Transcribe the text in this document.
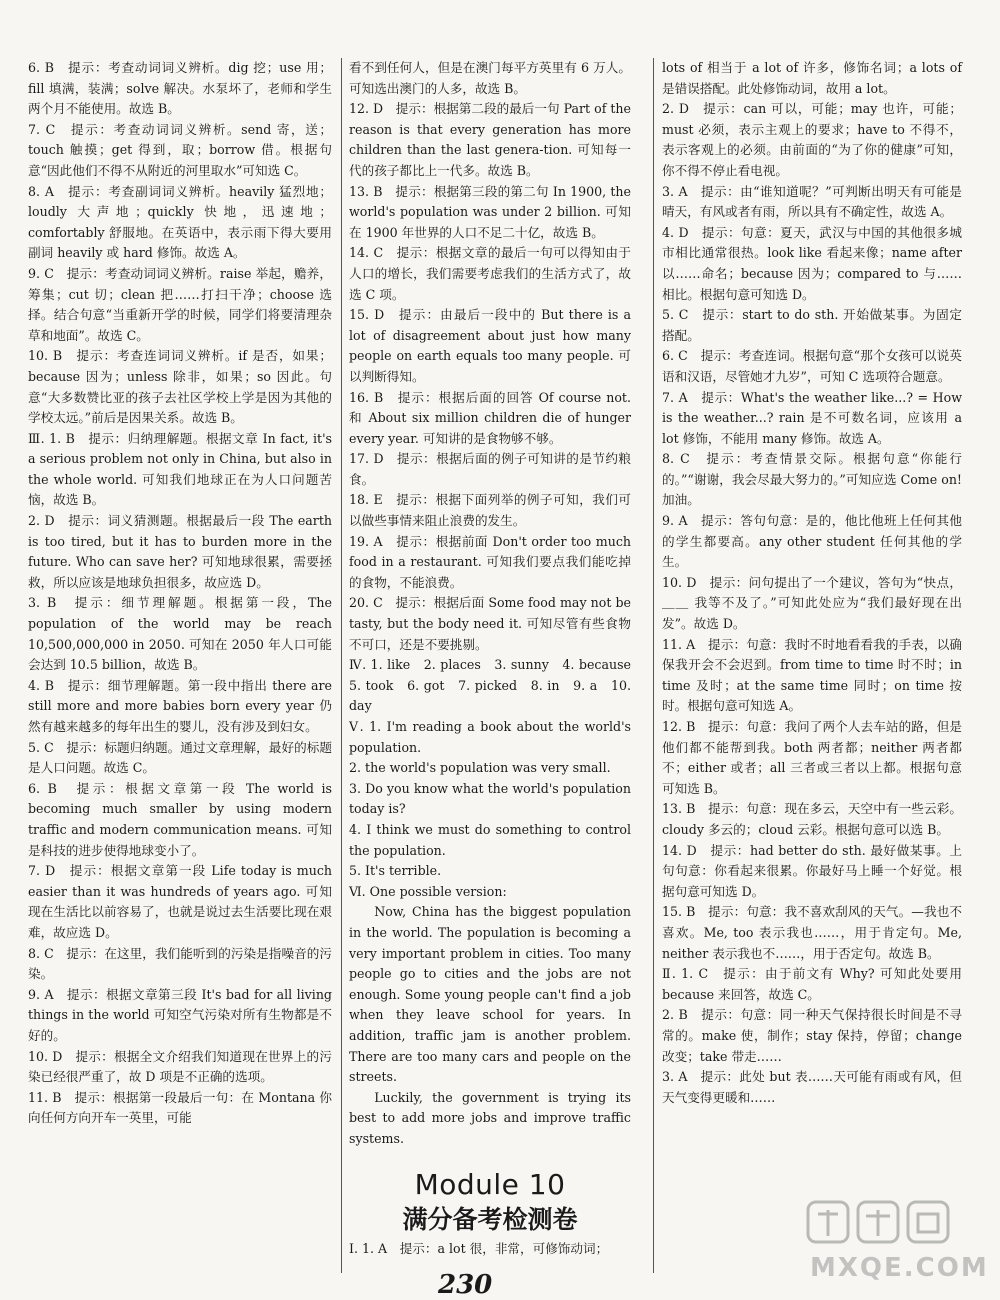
6. B　提示：考查动词词义辨析。dig 挖；use 用；fill 填满，装满；solve 解决。水泵坏了，老师和学生两个月不能使用。故选 B。

7. C　提示：考查动词词义辨析。send 寄，送；touch 触摸；get 得到，取；borrow 借。根据句意“因此他们不得不从附近的河里取水”可知选 C。

8. A　提示：考查副词词义辨析。heavily 猛烈地；loudly 大声地；quickly 快地，迅速地；comfortably 舒服地。在英语中，表示雨下得大要用副词 heavily 或 hard 修饰。故选 A。

9. C　提示：考查动词词义辨析。raise 举起，赡养，筹集；cut 切；clean 把……打扫干净；choose 选择。结合句意“当重新开学的时候，同学们将要清理杂草和地面”。故选 C。

10. B　提示：考查连词词义辨析。if 是否，如果；because 因为；unless 除非，如果；so 因此。句意“大多数赞比亚的孩子去社区学校上学是因为其他的学校太远。”前后是因果关系。故选 B。

Ⅲ. 1. B　提示：归纳理解题。根据文章 In fact, it's a serious problem not only in China, but also in the whole world. 可知我们地球正在为人口问题苦恼，故选 B。

2. D　提示：词义猜测题。根据最后一段 The earth is too tired, but it has to burden more in the future. Who can save her? 可知地球很累，需要拯救，所以应该是地球负担很多，故应选 D。

3. B　提示：细节理解题。根据第一段，The population of the world may be reach 10,500,000,000 in 2050. 可知在 2050 年人口可能会达到 10.5 billion，故选 B。

4. B　提示：细节理解题。第一段中指出 there are still more and more babies born every year 仍然有越来越多的每年出生的婴儿，没有涉及到妇女。

5. C　提示：标题归纳题。通过文章理解，最好的标题是人口问题。故选 C。

6. B　提示：根据文章第一段 The world is becoming much smaller by using modern traffic and modern communication means. 可知是科技的进步使得地球变小了。

7. D　提示：根据文章第一段 Life today is much easier than it was hundreds of years ago. 可知现在生活比以前容易了，也就是说过去生活要比现在艰难，故应选 D。

8. C　提示：在这里，我们能听到的污染是指噪音的污染。

9. A　提示：根据文章第三段 It's bad for all living things in the world 可知空气污染对所有生物都是不好的。

10. D　提示：根据全文介绍我们知道现在世界上的污染已经很严重了，故 D 项是不正确的选项。

11. B　提示：根据第一段最后一句：在 Montana 你向任何方向开车一英里，可能

看不到任何人，但是在澳门每平方英里有 6 万人。可知选出澳门的人多，故选 B。

12. D　提示：根据第二段的最后一句 Part of the reason is that every generation has more children than the last genera-tion. 可知每一代的孩子都比上一代多。故选 B。

13. B　提示：根据第三段的第二句 In 1900, the world's population was under 2 billion. 可知在 1900 年世界的人口不足二十亿，故选 B。

14. C　提示：根据文章的最后一句可以得知由于人口的增长，我们需要考虑我们的生活方式了，故选 C 项。

15. D　提示：由最后一段中的 But there is a lot of disagreement about just how many people on earth equals too many people. 可以判断得知。

16. B　提示：根据后面的回答 Of course not. 和 About six million children die of hunger every year. 可知讲的是食物够不够。

17. D　提示：根据后面的例子可知讲的是节约粮食。

18. E　提示：根据下面列举的例子可知，我们可以做些事情来阻止浪费的发生。

19. A　提示：根据前面 Don't order too much food in a restaurant. 可知我们要点我们能吃掉的食物，不能浪费。

20. C　提示：根据后面 Some food may not be tasty, but the body need it. 可知尽管有些食物不可口，还是不要挑剔。

Ⅳ. 1. like　2. places　3. sunny　4. because　5. took　6. got　7. picked　8. in　9. a　10. day

Ⅴ. 1. I'm reading a book about the world's population.

2. the world's population was very small.

3. Do you know what the world's population today is?

4. I think we must do something to control the population.

5. It's terrible.

Ⅵ. One possible version:

Now, China has the biggest population in the world. The population is becoming a very important problem in cities. Too many people go to cities and the jobs are not enough. Some young people can't find a job when they leave school for years. In addition, traffic jam is another problem. There are too many cars and people on the streets.

Luckily, the government is trying its best to add more jobs and improve traffic systems.

Module 10
满分备考检测卷

Ⅰ. 1. A　提示：a lot 很，非常，可修饰动词；

lots of 相当于 a lot of 许多，修饰名词；a lots of 是错误搭配。此处修饰动词，故用 a lot。

2. D　提示：can 可以，可能；may 也许，可能；must 必须，表示主观上的要求；have to 不得不，表示客观上的必须。由前面的“为了你的健康”可知，你不得不停止看电视。

3. A　提示：由“谁知道呢？”可判断出明天有可能是晴天，有风或者有雨，所以具有不确定性，故选 A。

4. D　提示：句意：夏天，武汉与中国的其他很多城市相比通常很热。look like 看起来像；name after 以……命名；because 因为；compared to 与……相比。根据句意可知选 D。

5. C　提示：start to do sth. 开始做某事。为固定搭配。

6. C　提示：考查连词。根据句意“那个女孩可以说英语和汉语，尽管她才九岁”，可知 C 选项符合题意。

7. A　提示：What's the weather like...? = How is the weather...? rain 是不可数名词，应该用 a lot 修饰，不能用 many 修饰。故选 A。

8. C　提示：考查情景交际。根据句意“你能行的。”“谢谢，我会尽最大努力的。”可知应选 Come on! 加油。

9. A　提示：答句句意：是的，他比他班上任何其他的学生都要高。any other student 任何其他的学生。

10. D　提示：问句提出了一个建议，答句为“快点，＿＿ 我等不及了。”可知此处应为“我们最好现在出发”。故选 D。

11. A　提示：句意：我时不时地看看我的手表，以确保我开会不会迟到。from time to time 时不时；in time 及时；at the same time 同时；on time 按时。根据句意可知选 A。

12. B　提示：句意：我问了两个人去车站的路，但是他们都不能帮到我。both 两者都；neither 两者都不；either 或者；all 三者或三者以上都。根据句意可知选 B。

13. B　提示：句意：现在多云，天空中有一些云彩。cloudy 多云的；cloud 云彩。根据句意可以选 B。

14. D　提示：had better do sth. 最好做某事。上句句意：你看起来很累。你最好马上睡一个好觉。根据句意可知选 D。

15. B　提示：句意：我不喜欢刮风的天气。—我也不喜欢。Me, too 表示我也……，用于肯定句。Me, neither 表示我也不……，用于否定句。故选 B。

Ⅱ. 1. C　提示：由于前文有 Why? 可知此处要用 because 来回答，故选 C。

2. B　提示：句意：同一种天气保持很长时间是不寻常的。make 使，制作；stay 保持，停留；change 改变；take 带走……

3. A　提示：此处 but 表……天可能有雨或有风，但天气变得更暖和……

230
MXQE.COM
